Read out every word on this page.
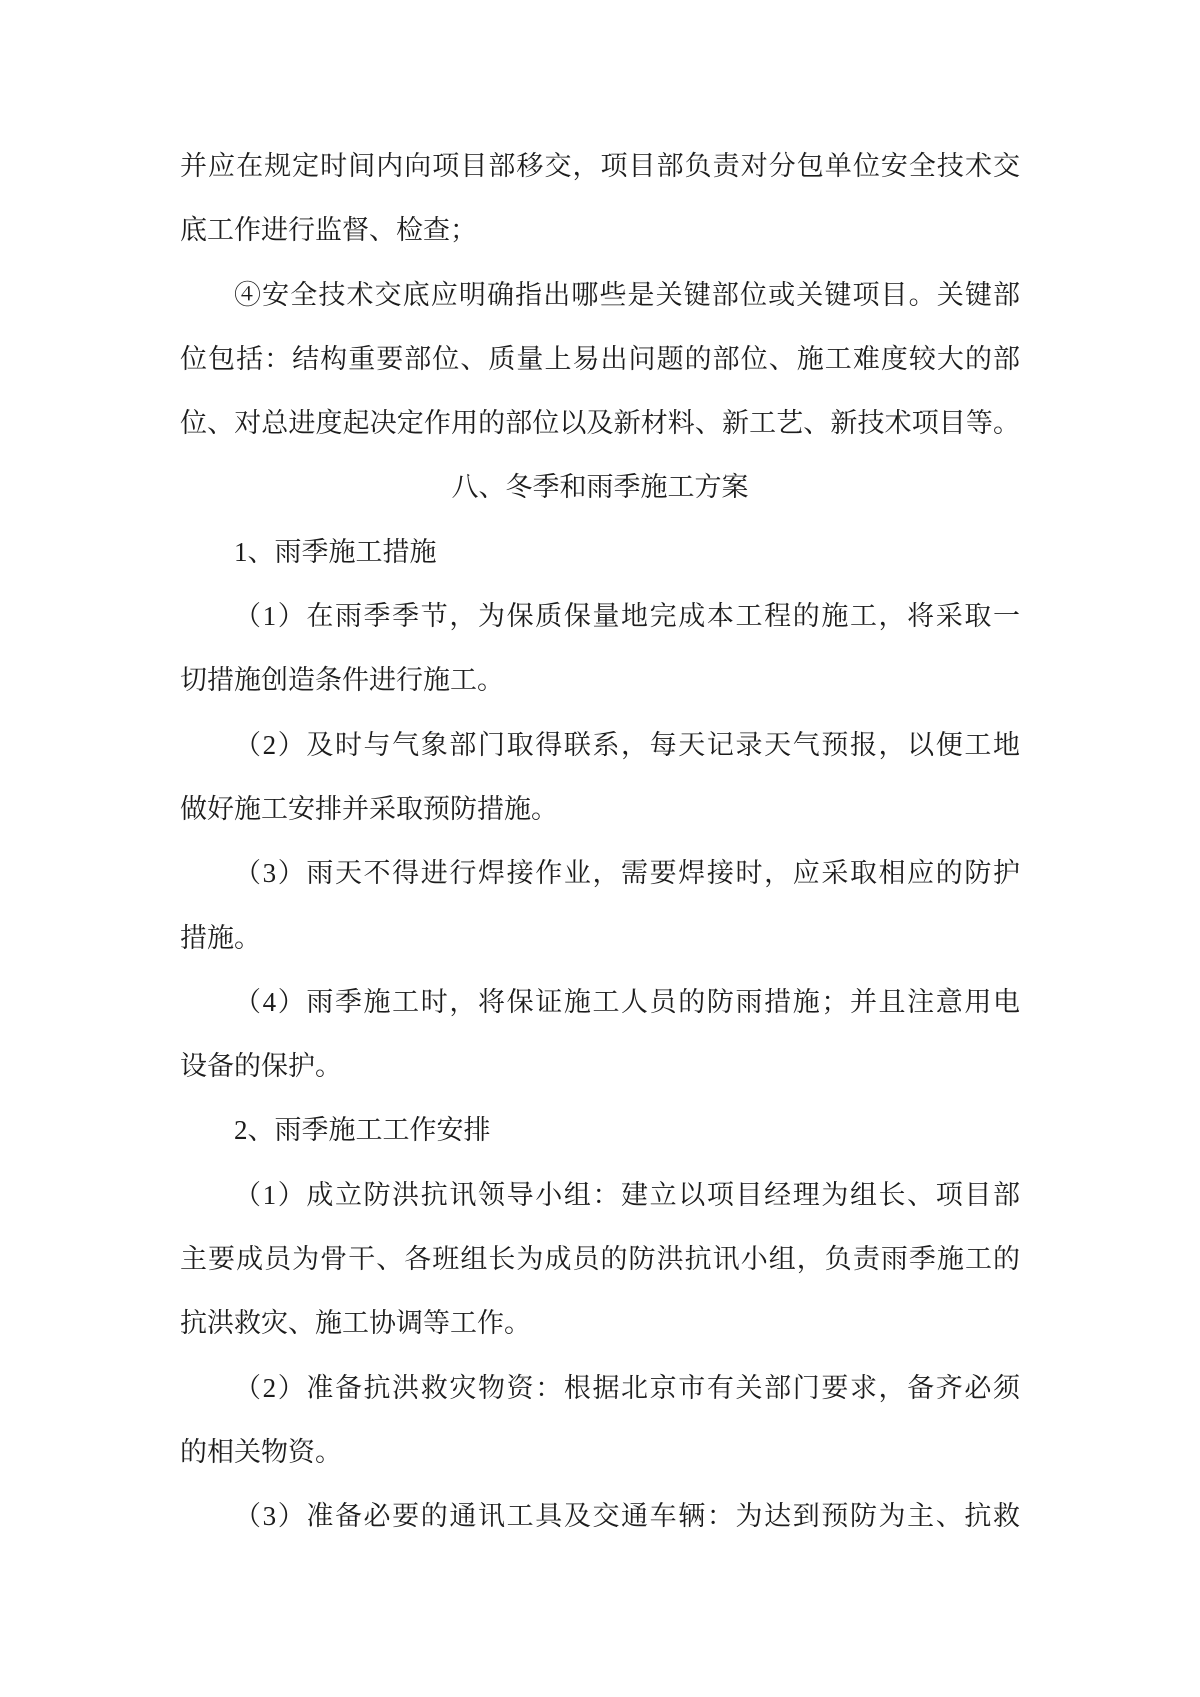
并应在规定时间内向项目部移交，项目部负责对分包单位安全技术交
底工作进行监督、检查；
④安全技术交底应明确指出哪些是关键部位或关键项目。关键部
位包括：结构重要部位、质量上易出问题的部位、施工难度较大的部
位、对总进度起决定作用的部位以及新材料、新工艺、新技术项目等。
八、冬季和雨季施工方案
1、雨季施工措施
（1）在雨季季节，为保质保量地完成本工程的施工，将采取一
切措施创造条件进行施工。
（2）及时与气象部门取得联系，每天记录天气预报，以便工地
做好施工安排并采取预防措施。
（3）雨天不得进行焊接作业，需要焊接时，应采取相应的防护
措施。
（4）雨季施工时，将保证施工人员的防雨措施；并且注意用电
设备的保护。
2、雨季施工工作安排
（1）成立防洪抗讯领导小组：建立以项目经理为组长、项目部
主要成员为骨干、各班组长为成员的防洪抗讯小组，负责雨季施工的
抗洪救灾、施工协调等工作。
（2）准备抗洪救灾物资：根据北京市有关部门要求，备齐必须
的相关物资。
（3）准备必要的通讯工具及交通车辆：为达到预防为主、抗救
